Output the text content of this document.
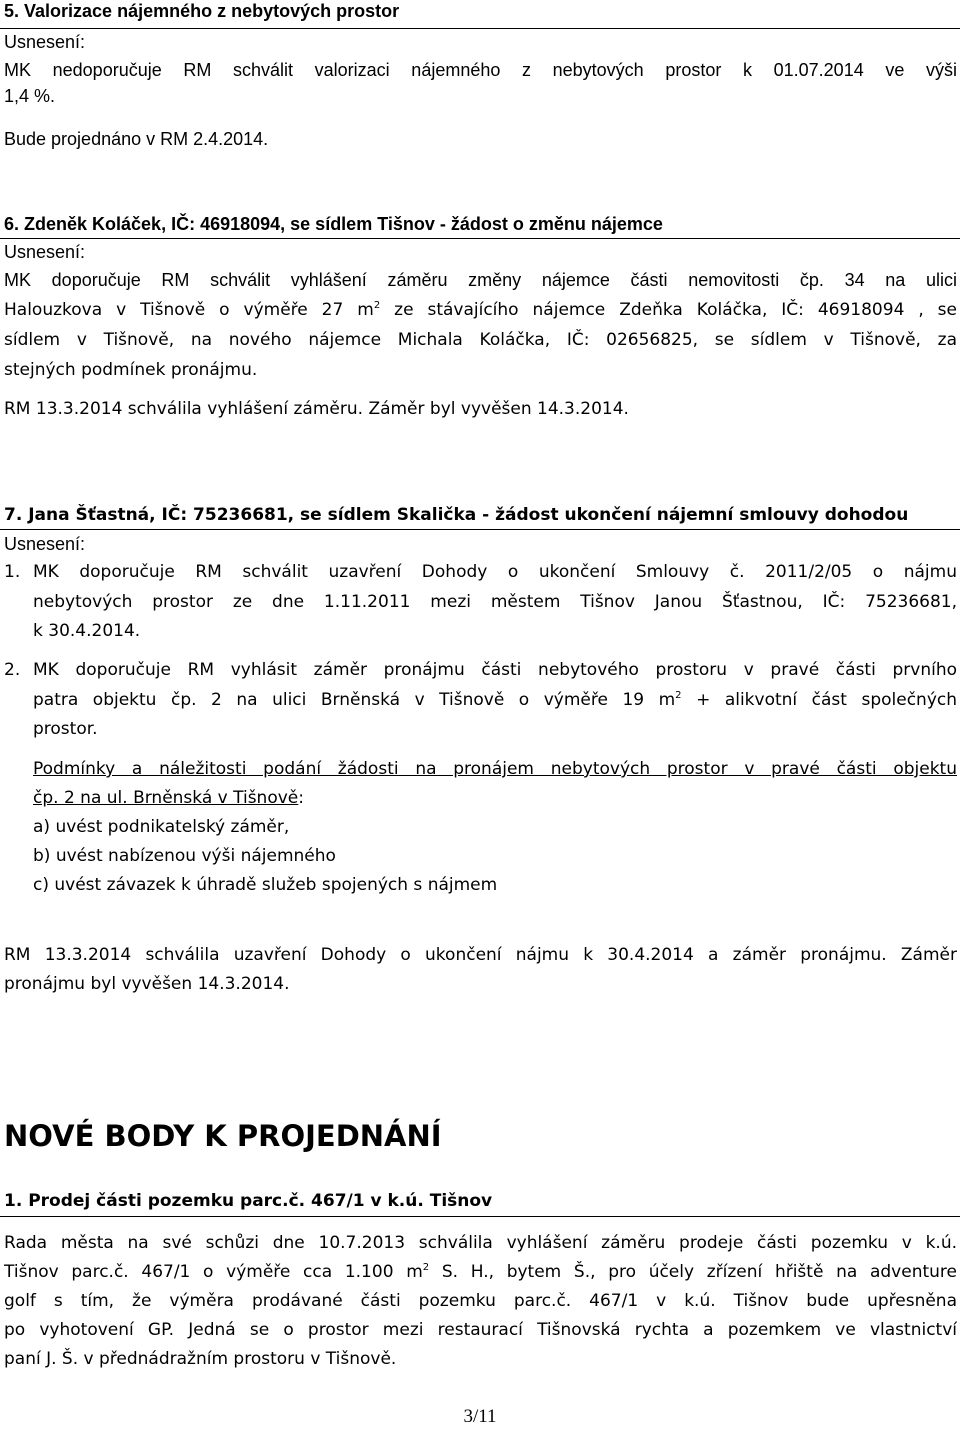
5. Valorizace nájemného z nebytových prostor

Usnesení:

MK nedoporučuje RM schválit valorizaci nájemného z nebytových prostor k 01.07.2014 ve výši

1,4 %.

Bude projednáno v RM 2.4.2014.

6. Zdeněk Koláček, IČ: 46918094, se sídlem Tišnov - žádost o změnu nájemce

Usnesení:

MK doporučuje RM schválit vyhlášení záměru změny nájemce části nemovitosti čp. 34 na ulici

Halouzkova v Tišnově o výměře 27 $m^2$ ze stávajícího nájemce Zdeňka Koláčka, IČ: 46918094 , se

sídlem v Tišnově, na nového nájemce Michala Koláčka, IČ: 02656825, se sídlem v Tišnově, za

stejných podmínek pronájmu.

RM 13.3.2014 schválila vyhlášení záměru. Záměr byl vyvěšen 14.3.2014.

7. Jana Šťastná, IČ: 75236681, se sídlem Skalička - žádost ukončení nájemní smlouvy dohodou

Usnesení:

1. MK doporučuje RM schválit uzavření Dohody o ukončení Smlouvy č. 2011/2/05 o nájmu

nebytových prostor ze dne 1.11.2011 mezi městem Tišnov Janou Šťastnou, IČ: 75236681,

k 30.4.2014.

2. MK doporučuje RM vyhlásit záměr pronájmu části nebytového prostoru v pravé části prvního

patra objektu čp. 2 na ulici Brněnská v Tišnově o výměře 19 $m^2$ + alikvotní část společných

prostor.

Podmínky a náležitosti podání žádosti na pronájem nebytových prostor v pravé části objektu

čp. 2 na ul. Brněnská v Tišnově:

a) uvést podnikatelský záměr,

b) uvést nabízenou výši nájemného

c) uvést závazek k úhradě služeb spojených s nájmem

RM 13.3.2014 schválila uzavření Dohody o ukončení nájmu k 30.4.2014 a záměr pronájmu. Záměr

pronájmu byl vyvěšen 14.3.2014.

NOVÉ BODY K PROJEDNÁNÍ

1. Prodej části pozemku parc.č. 467/1 v k.ú. Tišnov

Rada města na své schůzi dne 10.7.2013 schválila vyhlášení záměru prodeje části pozemku v k.ú.

Tišnov parc.č. 467/1 o výměře cca 1.100 $m^2$ S. H., bytem Š., pro účely zřízení hřiště na adventure

golf s tím, že výměra prodávané části pozemku parc.č. 467/1 v k.ú. Tišnov bude upřesněna

po vyhotovení GP. Jedná se o prostor mezi restaurací Tišnovská rychta a pozemkem ve vlastnictví

paní J. Š. v přednádražním prostoru v Tišnově.

3/11
